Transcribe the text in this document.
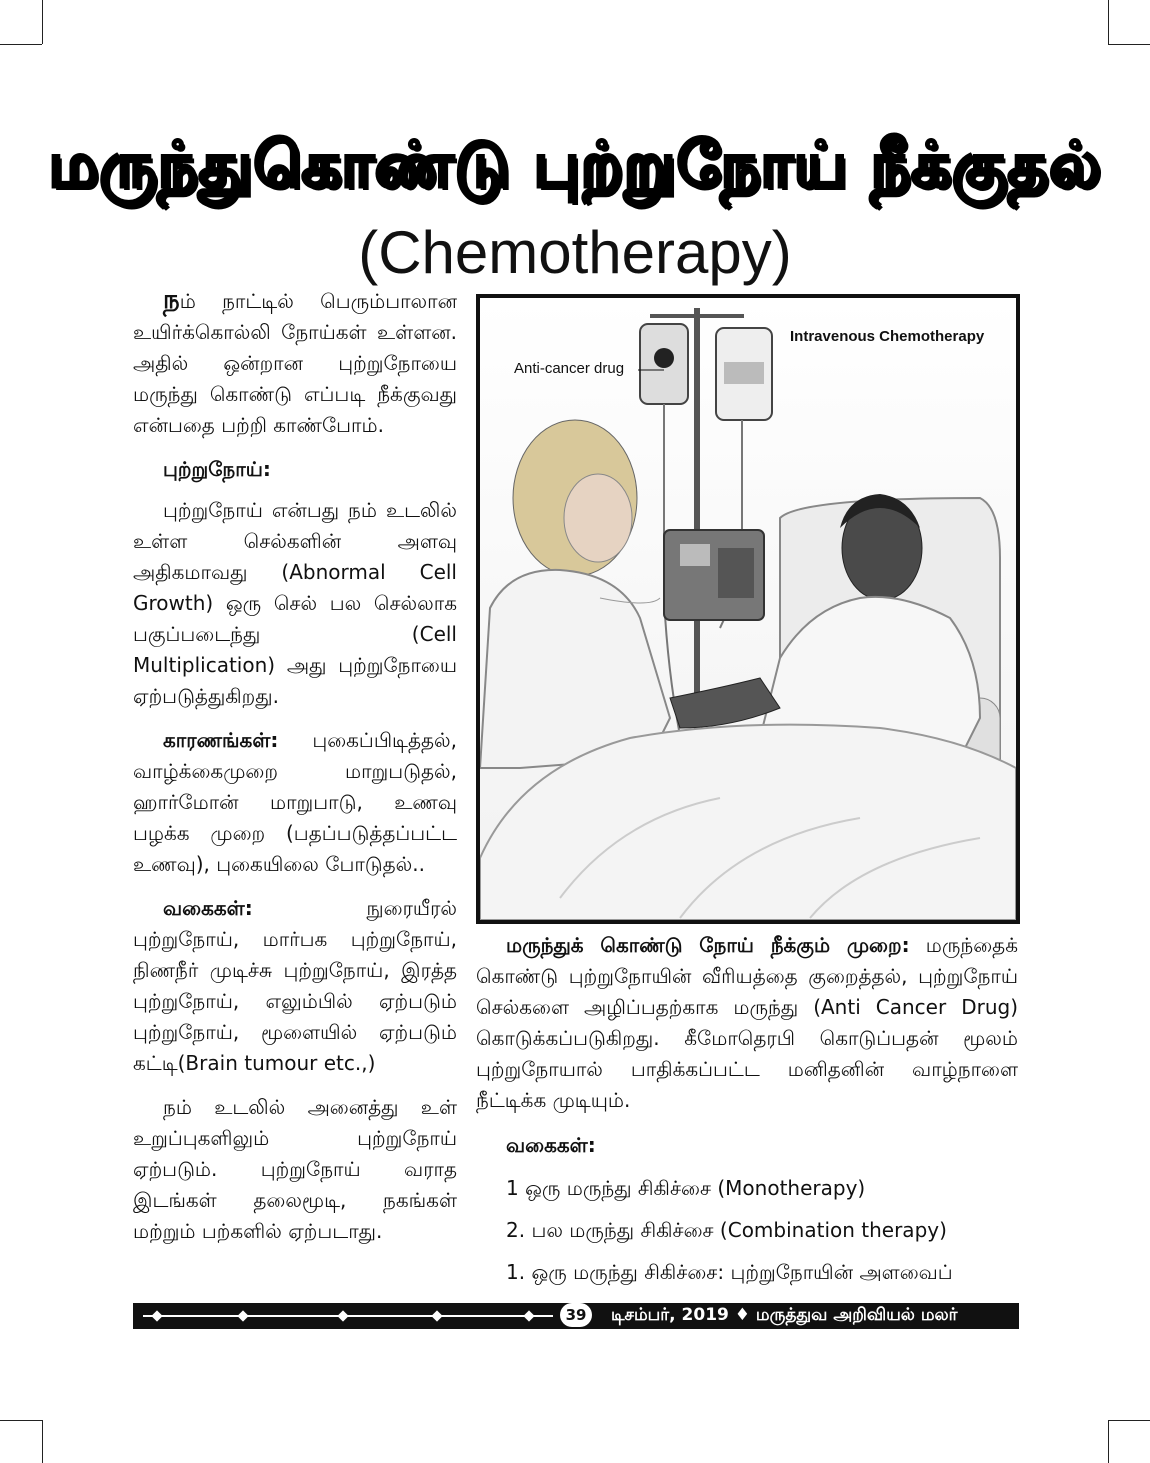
மருந்துகொண்டு புற்றுநோய் நீக்குதல்
(Chemotherapy)

நம் நாட்டில் பெரும்பாலான உயிர்க்கொல்லி நோய்கள் உள்ளன. அதில் ஒன்றான புற்றுநோயை மருந்து கொண்டு எப்படி நீக்குவது என்பதை பற்றி காண்போம்.

புற்றுநோய்:

புற்றுநோய் என்பது நம் உடலில் உள்ள செல்களின் அளவு அதிகமாவது (Abnormal Cell Growth) ஒரு செல் பல செல்லாக பகுப்படைந்து (Cell Multiplication) அது புற்றுநோயை ஏற்படுத்துகிறது.

காரணங்கள்: புகைப்பிடித்தல், வாழ்க்கைமுறை மாறுபடுதல், ஹார்மோன் மாறுபாடு, உணவு பழக்க முறை (பதப்படுத்தப்பட்ட உணவு), புகையிலை போடுதல்..

வகைகள்:	நுரையீரல் புற்றுநோய், மார்பக புற்றுநோய், நிணநீர் முடிச்சு புற்றுநோய், இரத்த புற்றுநோய், எலும்பில் ஏற்படும் புற்றுநோய், மூளையில் ஏற்படும் கட்டி(Brain tumour etc.,)

நம் உடலில் அனைத்து உள் உறுப்புகளிலும் புற்றுநோய் ஏற்படும். புற்றுநோய் வராத இடங்கள் தலைமூடி, நகங்கள் மற்றும் பற்களில் ஏற்படாது.

Intravenous Chemotherapy
Anti-cancer drug

மருந்துக் கொண்டு நோய் நீக்கும் முறை: மருந்தைக் கொண்டு புற்றுநோயின் வீரியத்தை குறைத்தல், புற்றுநோய் செல்களை அழிப்பதற்காக மருந்து (Anti Cancer Drug) கொடுக்கப்படுகிறது. கீமோதெரபி கொடுப்பதன் மூலம் புற்றுநோயால் பாதிக்கப்பட்ட மனிதனின் வாழ்நாளை நீட்டிக்க முடியும்.

வகைகள்:
1 ஒரு மருந்து சிகிச்சை (Monotherapy)
2. பல மருந்து சிகிச்சை (Combination therapy)
1. ஒரு மருந்து சிகிச்சை: புற்றுநோயின் அளவைப்
39	டிசம்பர், 2019 ♦ மருத்துவ அறிவியல் மலர்
